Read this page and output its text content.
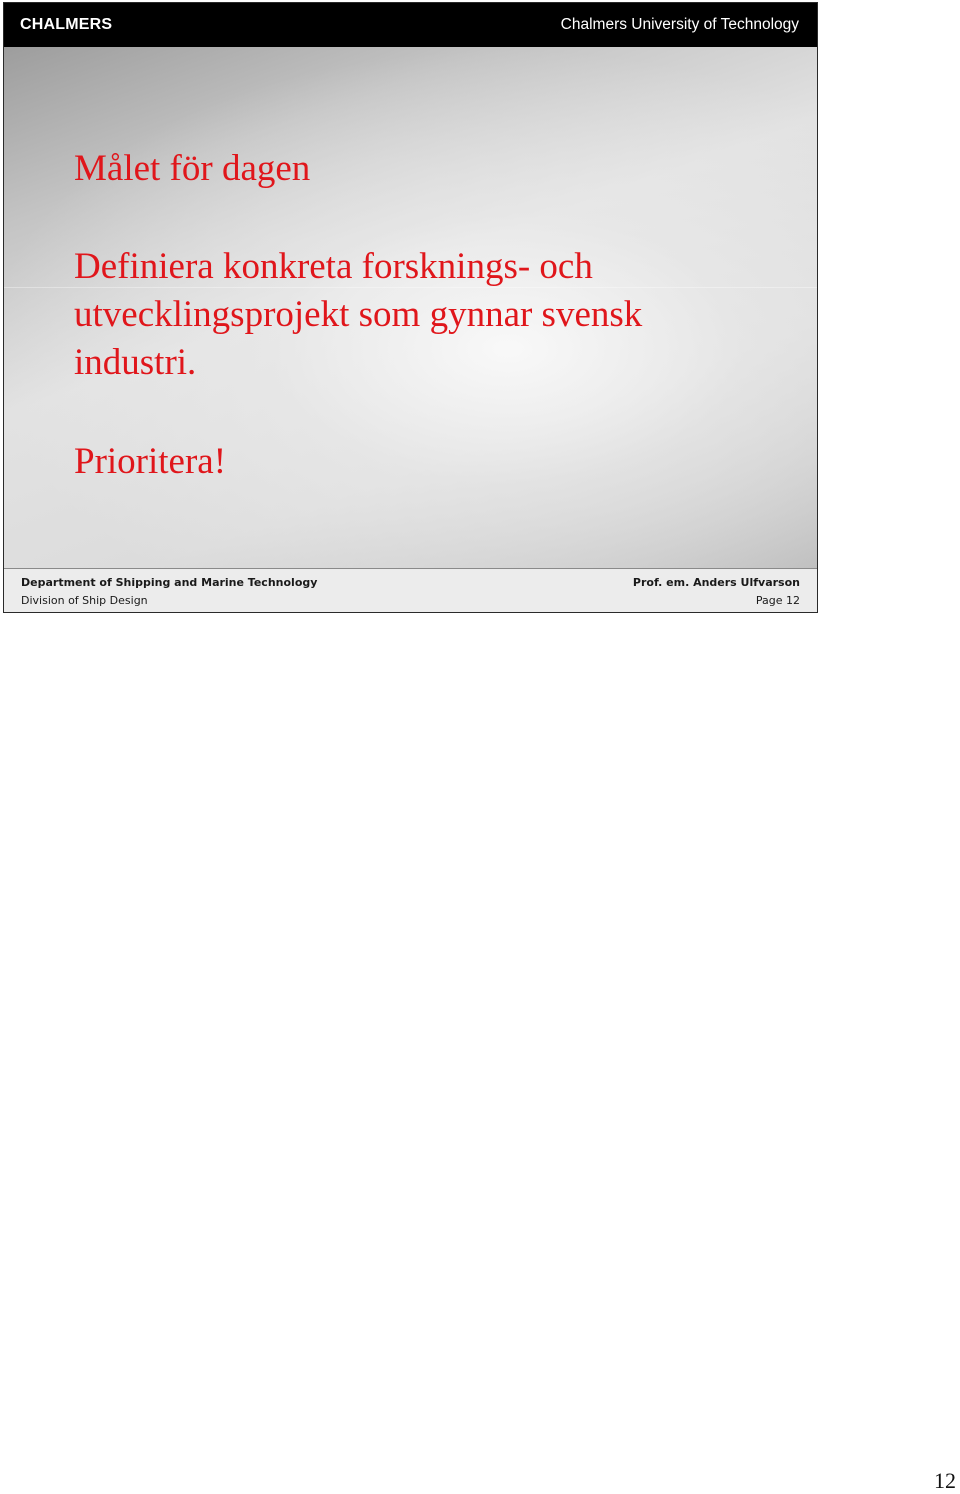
CHALMERS	Chalmers University of Technology
Målet för dagen
Definiera konkreta forsknings- och
utvecklingsprojekt som gynnar svensk
industri.
Prioritera!
Department of Shipping and Marine Technology
Division of Ship Design
Prof. em. Anders Ulfvarson
Page 12
12
